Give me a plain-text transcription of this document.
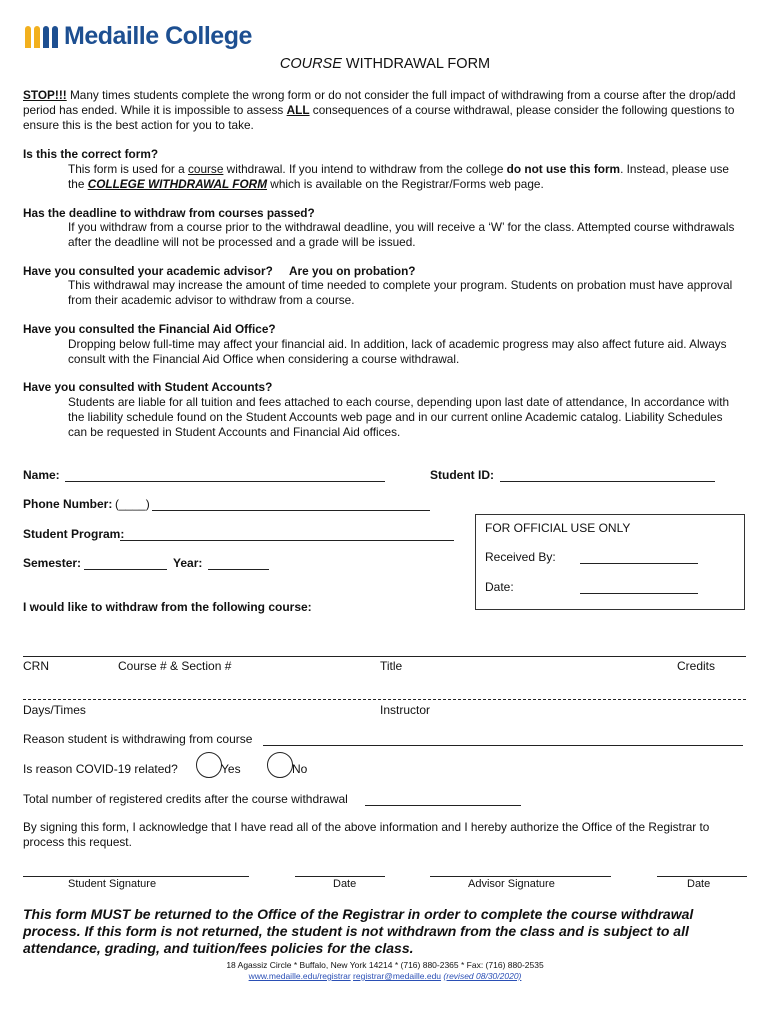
Medaille College
COURSE WITHDRAWAL FORM

STOP!!! Many times students complete the wrong form or do not consider the full impact of withdrawing from a course after the drop/add period has ended. While it is impossible to assess ALL consequences of a course withdrawal, please consider the following questions to ensure this is the best action for you to take.

Is this the correct form?

This form is used for a course withdrawal. If you intend to withdraw from the college do not use this form. Instead, please use the COLLEGE WITHDRAWAL FORM which is available on the Registrar/Forms web page.

Has the deadline to withdraw from courses passed?

If you withdraw from a course prior to the withdrawal deadline, you will receive a ‘W’ for the class. Attempted course withdrawals after the deadline will not be processed and a grade will be issued.

Have you consulted your academic advisor? Are you on probation?

This withdrawal may increase the amount of time needed to complete your program. Students on probation must have approval from their academic advisor to withdraw from a course.

Have you consulted the Financial Aid Office?

Dropping below full-time may affect your financial aid. In addition, lack of academic progress may also affect future aid. Always consult with the Financial Aid Office when considering a course withdrawal.

Have you consulted with Student Accounts?

Students are liable for all tuition and fees attached to each course, depending upon last date of attendance, In accordance with the liability schedule found on the Student Accounts web page and in our current online Academic catalog. Liability Schedules can be requested in Student Accounts and Financial Aid offices.

Name:	Student ID:
Phone Number: (____)
Student Program:
Semester:	Year:
I would like to withdraw from the following course:
FOR OFFICIAL USE ONLY
Received By:
Date:
CRN	Course # & Section #	Title	Credits
Days/Times	Instructor
Reason student is withdrawing from course
Is reason COVID-19 related?	Yes	No
Total number of registered credits after the course withdrawal

By signing this form, I acknowledge that I have read all of the above information and I hereby authorize the Office of the Registrar to process this request.

Student Signature	Date	Advisor Signature	Date
This form MUST be returned to the Office of the Registrar in order to complete the course withdrawal process. If this form is not returned, the student is not withdrawn from the class and is subject to all attendance, grading, and tuition/fees policies for the class.
18 Agassiz Circle * Buffalo, New York 14214 * (716) 880-2365 * Fax: (716) 880-2535
www.medaille.edu/registrar registrar@medaille.edu (revised 08/30/2020)
